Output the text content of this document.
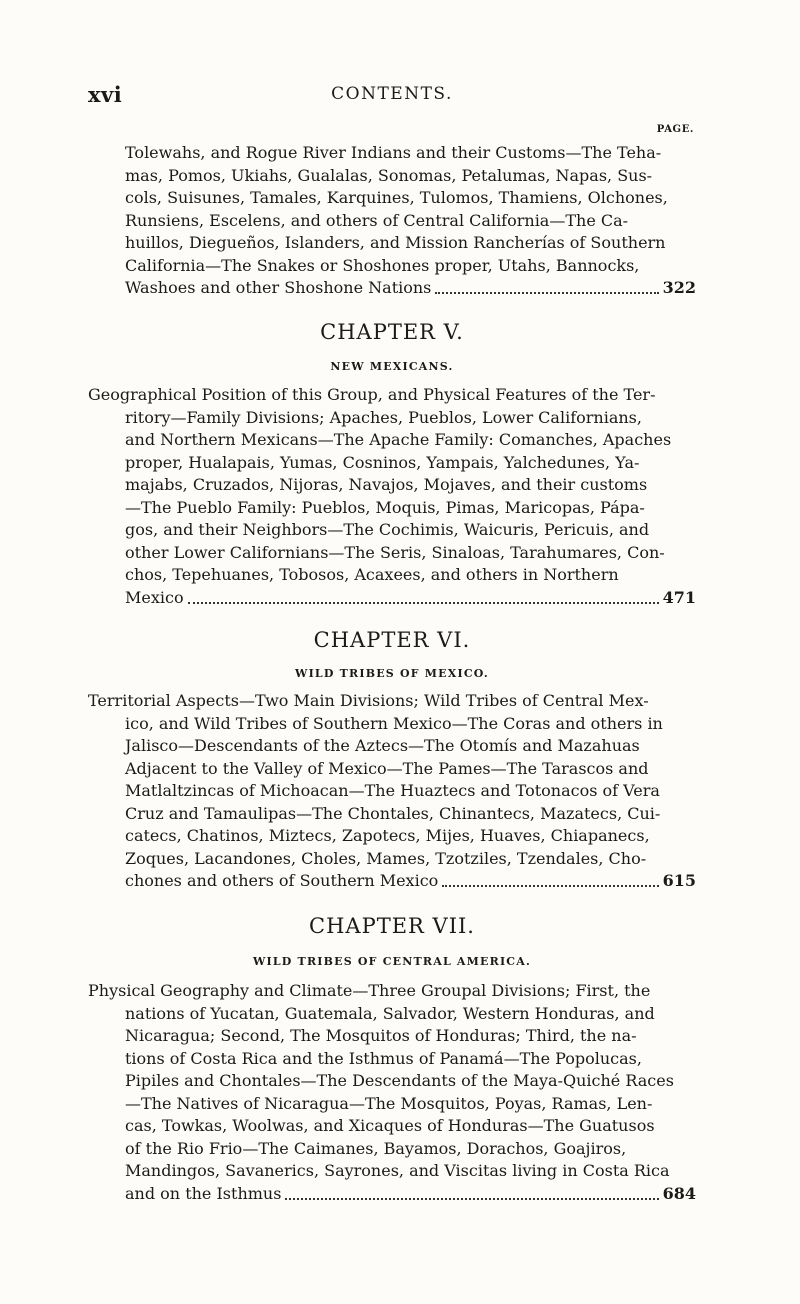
xvi	CONTENTS.
PAGE.
Tolewahs, and Rogue River Indians and their Customs—The Teha-
mas, Pomos, Ukiahs, Gualalas, Sonomas, Petalumas, Napas, Sus-
cols, Suisunes, Tamales, Karquines, Tulomos, Thamiens, Olchones,
Runsiens, Escelens, and others of Central California—The Ca-
huillos, Diegueños, Islanders, and Mission Rancherías of Southern
California—The Snakes or Shoshones proper, Utahs, Bannocks,
Washoes and other Shoshone Nations	322
CHAPTER V.
NEW MEXICANS.
Geographical Position of this Group, and Physical Features of the Ter-
ritory—Family Divisions; Apaches, Pueblos, Lower Californians,
and Northern Mexicans—The Apache Family: Comanches, Apaches
proper, Hualapais, Yumas, Cosninos, Yampais, Yalchedunes, Ya-
majabs, Cruzados, Nijoras, Navajos, Mojaves, and their customs
—The Pueblo Family: Pueblos, Moquis, Pimas, Maricopas, Pápa-
gos, and their Neighbors—The Cochimis, Waicuris, Pericuis, and
other Lower Californians—The Seris, Sinaloas, Tarahumares, Con-
chos, Tepehuanes, Tobosos, Acaxees, and others in Northern
Mexico	471
CHAPTER VI.
WILD TRIBES OF MEXICO.
Territorial Aspects—Two Main Divisions; Wild Tribes of Central Mex-
ico, and Wild Tribes of Southern Mexico—The Coras and others in
Jalisco—Descendants of the Aztecs—The Otomís and Mazahuas
Adjacent to the Valley of Mexico—The Pames—The Tarascos and
Matlaltzincas of Michoacan—The Huaztecs and Totonacos of Vera
Cruz and Tamaulipas—The Chontales, Chinantecs, Mazatecs, Cui-
catecs, Chatinos, Miztecs, Zapotecs, Mijes, Huaves, Chiapanecs,
Zoques, Lacandones, Choles, Mames, Tzotziles, Tzendales, Cho-
chones and others of Southern Mexico	615
CHAPTER VII.
WILD TRIBES OF CENTRAL AMERICA.
Physical Geography and Climate—Three Groupal Divisions; First, the
nations of Yucatan, Guatemala, Salvador, Western Honduras, and
Nicaragua; Second, The Mosquitos of Honduras; Third, the na-
tions of Costa Rica and the Isthmus of Panamá—The Popolucas,
Pipiles and Chontales—The Descendants of the Maya-Quiché Races
—The Natives of Nicaragua—The Mosquitos, Poyas, Ramas, Len-
cas, Towkas, Woolwas, and Xicaques of Honduras—The Guatusos
of the Rio Frio—The Caimanes, Bayamos, Dorachos, Goajiros,
Mandingos, Savanerics, Sayrones, and Viscitas living in Costa Rica
and on the Isthmus	684
